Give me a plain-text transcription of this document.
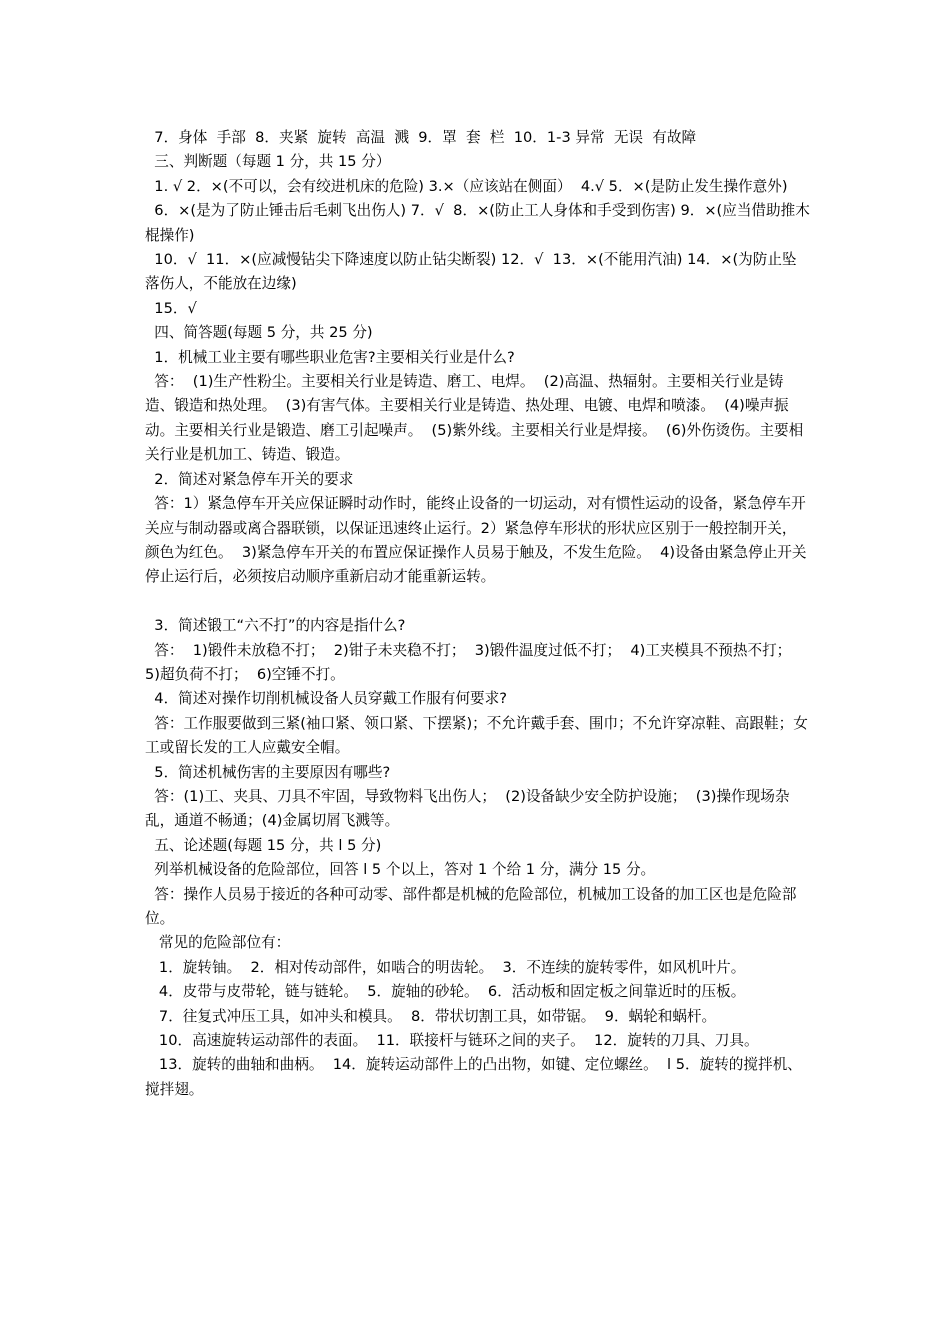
7．身体  手部  8．夹紧  旋转  高温  溅  9．罩  套  栏  10．1-3 异常  无误  有故障
三、判断题（每题 1 分，共 15 分）
1. √ 2．×(不可以，会有绞进机床的危险) 3.×（应该站在侧面）  4.√ 5．×(是防止发生操作意外)
6．×(是为了防止锤击后毛刺飞出伤人) 7．√  8．×(防止工人身体和手受到伤害) 9．×(应当借助推木棍操作)
10．√  11．×(应减慢钻尖下降速度以防止钻尖断裂) 12．√  13．×(不能用汽油) 14．×(为防止坠落伤人，不能放在边缘)
15．√
四、简答题(每题 5 分，共 25 分)
1．机械工业主要有哪些职业危害?主要相关行业是什么?
答：  (1)生产性粉尘。主要相关行业是铸造、磨工、电焊。  (2)高温、热辐射。主要相关行业是铸造、锻造和热处理。  (3)有害气体。主要相关行业是铸造、热处理、电镀、电焊和喷漆。  (4)噪声振动。主要相关行业是锻造、磨工引起噪声。  (5)紫外线。主要相关行业是焊接。  (6)外伤烫伤。主要相关行业是机加工、铸造、锻造。
2．简述对紧急停车开关的要求
答：1）紧急停车开关应保证瞬时动作时，能终止设备的一切运动，对有惯性运动的设备，紧急停车开关应与制动器或离合器联锁，以保证迅速终止运行。2）紧急停车形状的形状应区别于一般控制开关，颜色为红色。  3)紧急停车开关的布置应保证操作人员易于触及，不发生危险。  4)设备由紧急停止开关停止运行后，必须按启动顺序重新启动才能重新运转。
3．简述锻工“六不打”的内容是指什么?
答：  1)锻件未放稳不打；  2)钳子未夹稳不打；  3)锻件温度过低不打；  4)工夹模具不预热不打；  5)超负荷不打；  6)空锤不打。
4．简述对操作切削机械设备人员穿戴工作服有何要求?
答：工作服要做到三紧(袖口紧、领口紧、下摆紧)；不允许戴手套、围巾；不允许穿凉鞋、高跟鞋；女工或留长发的工人应戴安全帽。
5．简述机械伤害的主要原因有哪些?
答：(1)工、夹具、刀具不牢固，导致物料飞出伤人；  (2)设备缺少安全防护设施；  (3)操作现场杂乱，通道不畅通；(4)金属切屑飞溅等。
五、论述题(每题 15 分，共 l 5 分)
列举机械设备的危险部位，回答 l 5 个以上，答对 1 个给 1 分，满分 15 分。
答：操作人员易于接近的各种可动零、部件都是机械的危险部位，机械加工设备的加工区也是危险部位。
常见的危险部位有：
1．旋转铀。  2．相对传动部件，如啮合的明齿轮。  3．不连续的旋转零件，如风机叶片。
4．皮带与皮带轮，链与链轮。  5．旋轴的砂轮。  6．活动板和固定板之间靠近时的压板。
7．往复式冲压工具，如冲头和模具。  8．带状切割工具，如带锯。  9．蜗轮和蜗杆。
10．高速旋转运动部件的表面。  11．联接杆与链环之间的夹子。  12．旋转的刀具、刀具。
13．旋转的曲轴和曲柄。  14．旋转运动部件上的凸出物，如键、定位螺丝。  l 5．旋转的搅拌机、搅拌翅。
